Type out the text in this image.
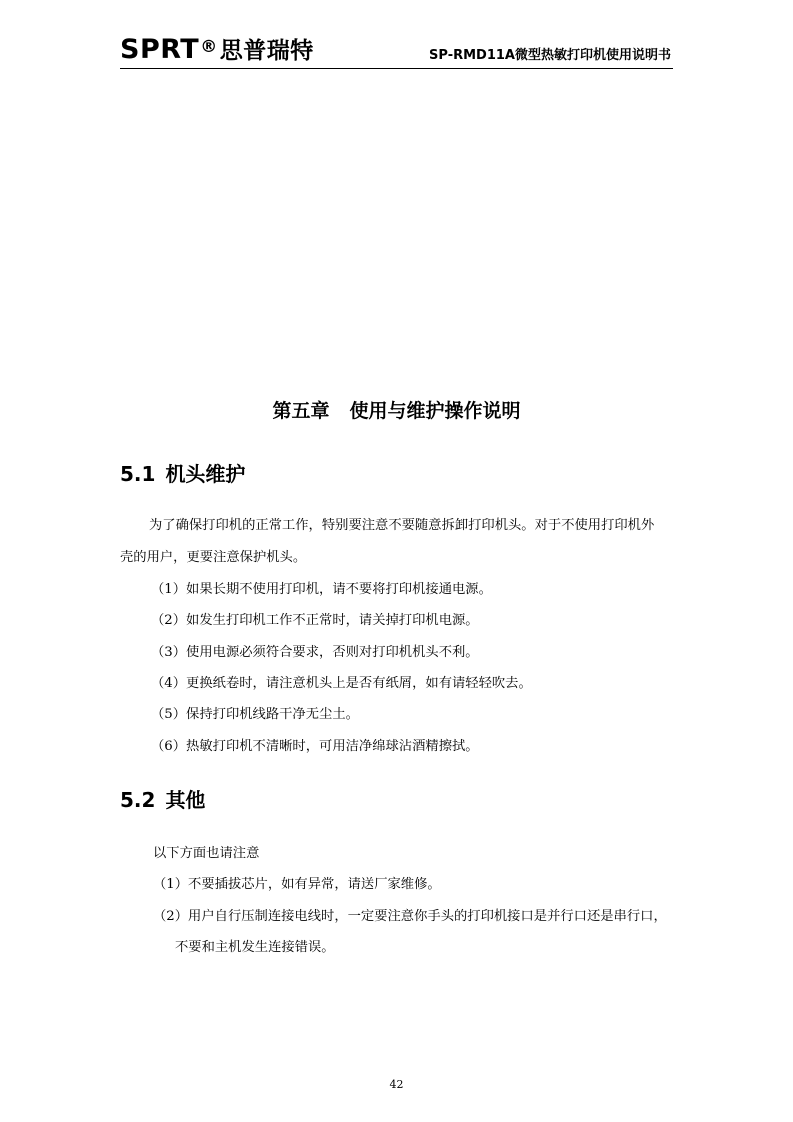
SPRT®思普瑞特	SP-RMD11A微型热敏打印机使用说明书
第五章 使用与维护操作说明
5.1 机头维护
为了确保打印机的正常工作，特别要注意不要随意拆卸打印机头。对于不使用打印机外
壳的用户，更要注意保护机头。
（1）如果长期不使用打印机，请不要将打印机接通电源。
（2）如发生打印机工作不正常时，请关掉打印机电源。
（3）使用电源必须符合要求，否则对打印机机头不利。
（4）更换纸卷时，请注意机头上是否有纸屑，如有请轻轻吹去。
（5）保持打印机线路干净无尘土。
（6）热敏打印机不清晰时，可用洁净绵球沾酒精擦拭。
5.2 其他
以下方面也请注意
（1）不要插拔芯片，如有异常，请送厂家维修。
（2）用户自行压制连接电线时，一定要注意你手头的打印机接口是并行口还是串行口，
不要和主机发生连接错误。
42
